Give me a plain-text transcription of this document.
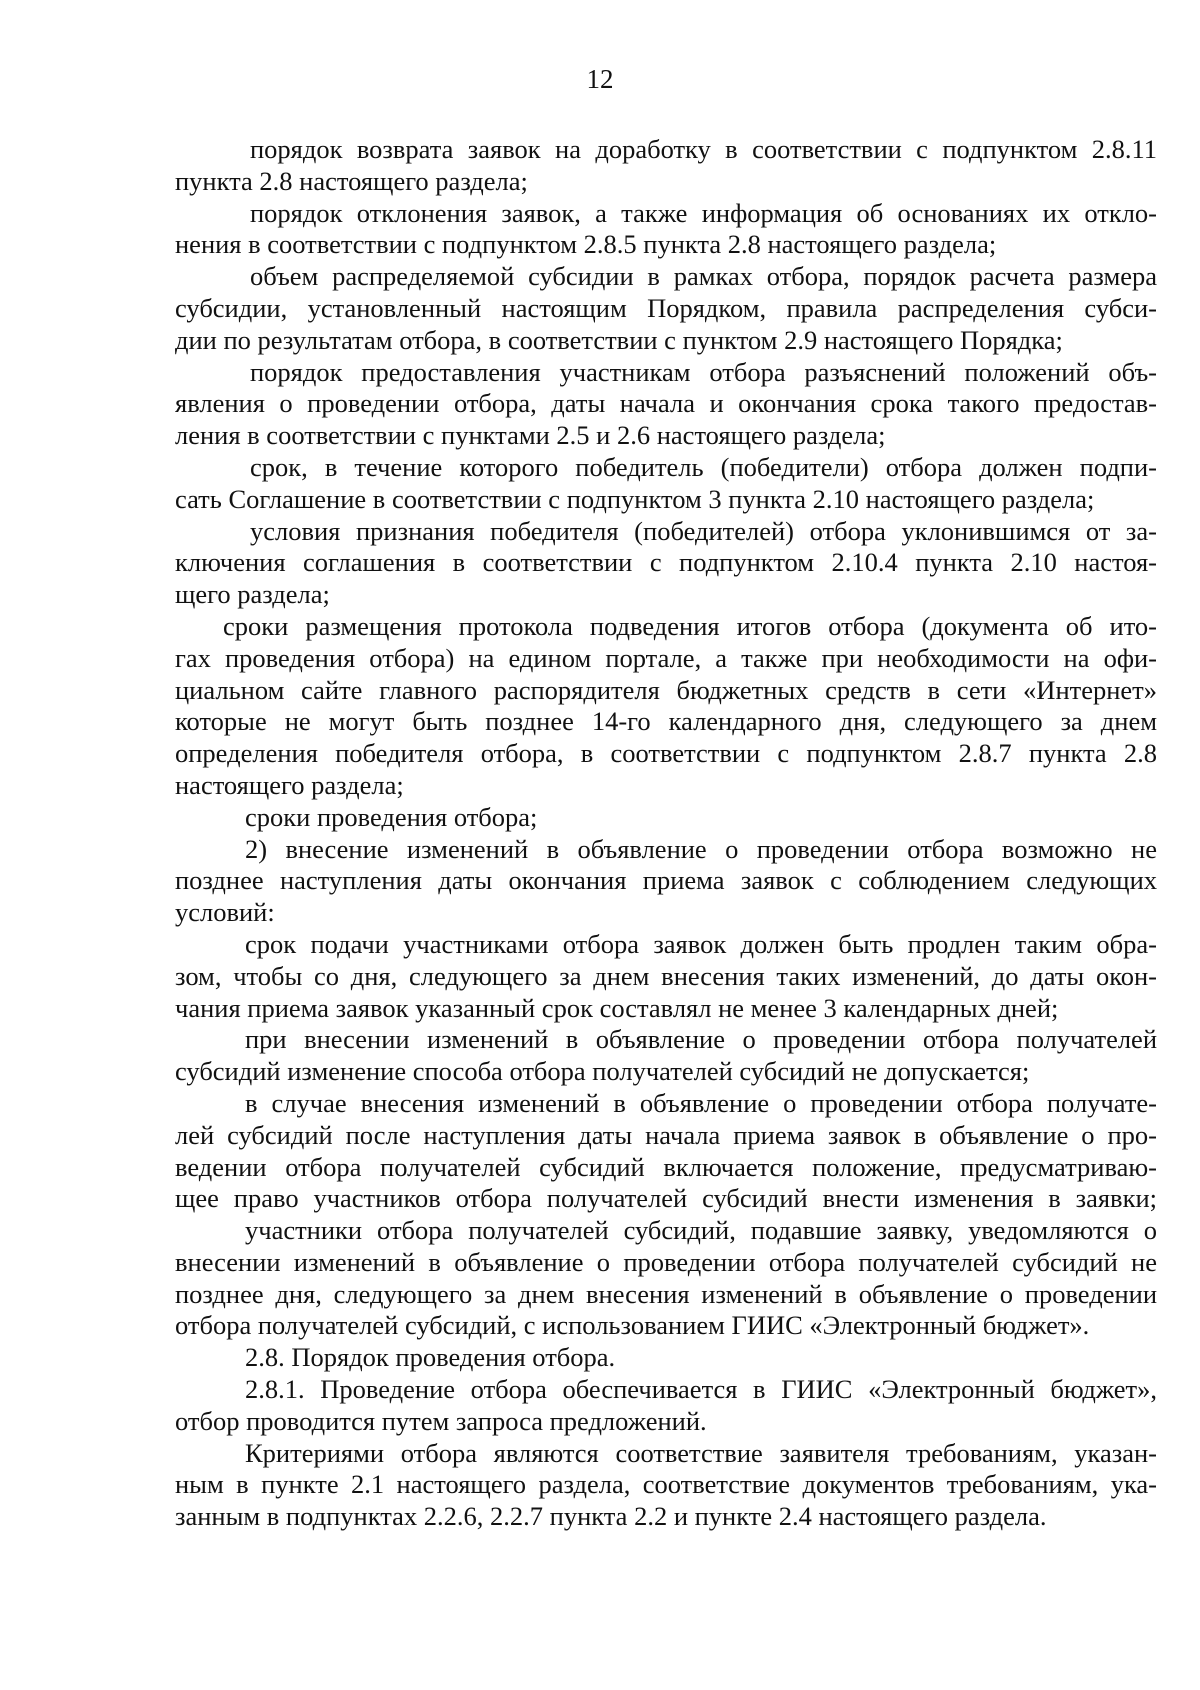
12
порядок возврата заявок на доработку в соответствии с подпунктом 2.8.11
пункта 2.8 настоящего раздела;
порядок отклонения заявок, а также информация об основаниях их откло-
нения в соответствии с подпунктом 2.8.5 пункта 2.8 настоящего раздела;
объем распределяемой субсидии в рамках отбора, порядок расчета размера
субсидии, установленный настоящим Порядком, правила распределения субси-
дии по результатам отбора, в соответствии с пунктом 2.9 настоящего Порядка;
порядок предоставления участникам отбора разъяснений положений объ-
явления о проведении отбора, даты начала и окончания срока такого предостав-
ления в соответствии с пунктами 2.5 и 2.6 настоящего раздела;
срок, в течение которого победитель (победители) отбора должен подпи-
сать Соглашение в соответствии с подпунктом 3 пункта 2.10 настоящего раздела;
условия признания победителя (победителей) отбора уклонившимся от за-
ключения соглашения в соответствии с подпунктом 2.10.4 пункта 2.10 настоя-
щего раздела;
сроки размещения протокола подведения итогов отбора (документа об ито-
гах проведения отбора) на едином портале, а также при необходимости на офи-
циальном сайте главного распорядителя бюджетных средств в сети «Интернет»
которые не могут быть позднее 14-го календарного дня, следующего за днем
определения победителя отбора, в соответствии с подпунктом 2.8.7 пункта 2.8
настоящего раздела;
сроки проведения отбора;
2) внесение изменений в объявление о проведении отбора возможно не
позднее наступления даты окончания приема заявок с соблюдением следующих
условий:
срок подачи участниками отбора заявок должен быть продлен таким обра-
зом, чтобы со дня, следующего за днем внесения таких изменений, до даты окон-
чания приема заявок указанный срок составлял не менее 3 календарных дней;
при внесении изменений в объявление о проведении отбора получателей
субсидий изменение способа отбора получателей субсидий не допускается;
в случае внесения изменений в объявление о проведении отбора получате-
лей субсидий после наступления даты начала приема заявок в объявление о про-
ведении отбора получателей субсидий включается положение, предусматриваю-
щее право участников отбора получателей субсидий внести изменения в заявки;
участники отбора получателей субсидий, подавшие заявку, уведомляются о
внесении изменений в объявление о проведении отбора получателей субсидий не
позднее дня, следующего за днем внесения изменений в объявление о проведении
отбора получателей субсидий, с использованием ГИИС «Электронный бюджет».
2.8. Порядок проведения отбора.
2.8.1. Проведение отбора обеспечивается в ГИИС «Электронный бюджет»,
отбор проводится путем запроса предложений.
Критериями отбора являются соответствие заявителя требованиям, указан-
ным в пункте 2.1 настоящего раздела, соответствие документов требованиям, ука-
занным в подпунктах 2.2.6, 2.2.7 пункта 2.2 и пункте 2.4 настоящего раздела.
